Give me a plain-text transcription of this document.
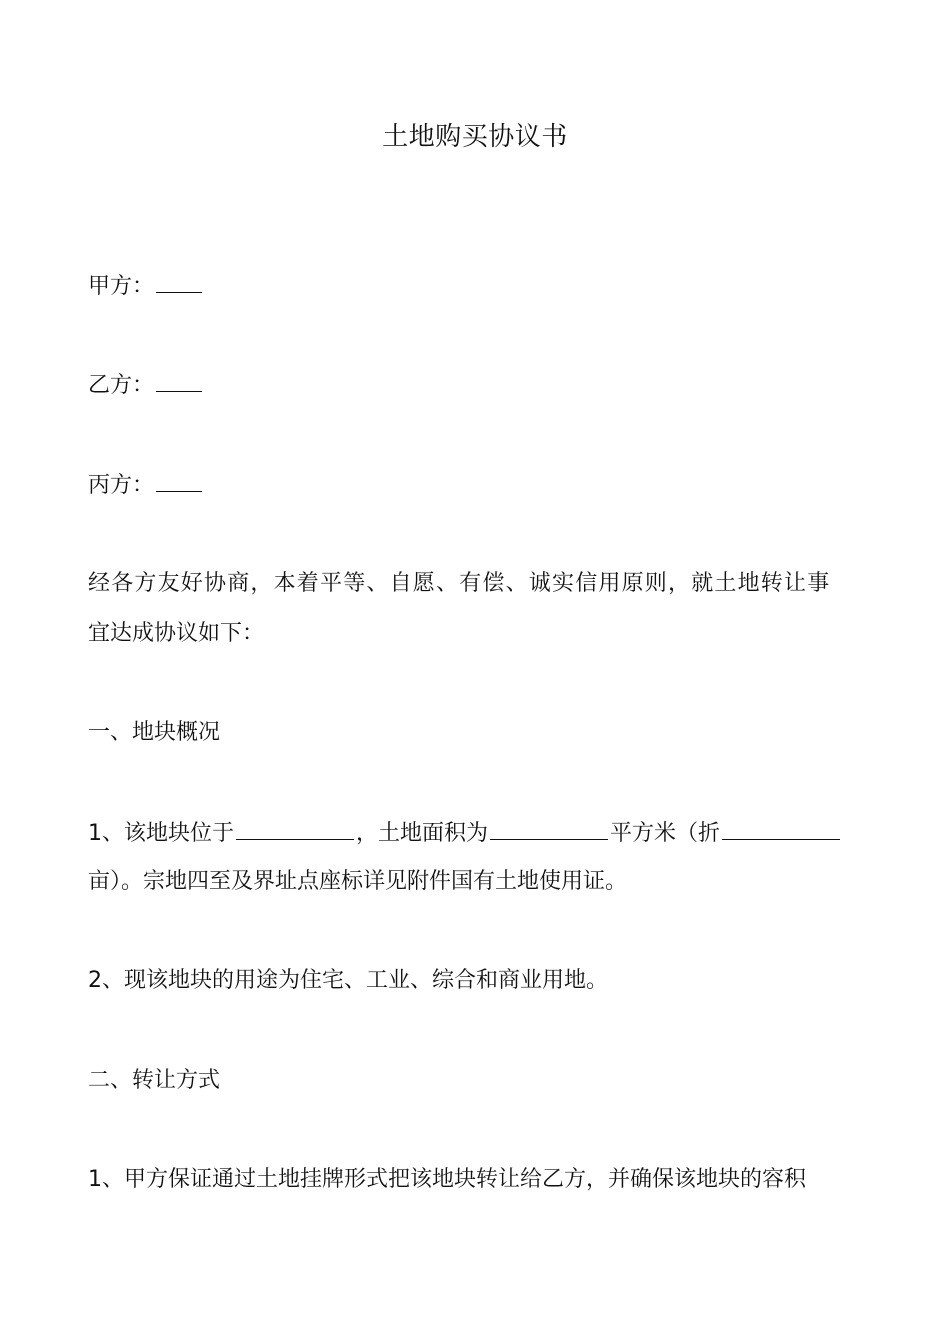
土地购买协议书
甲方：
乙方：
丙方：
经各方友好协商，本着平等、自愿、有偿、诚实信用原则，就土地转让事
宜达成协议如下：
一、地块概况
1、该地块位于	，土地面积为	平方米（折
亩）。宗地四至及界址点座标详见附件国有土地使用证。
2、现该地块的用途为住宅、工业、综合和商业用地。
二、转让方式
1、甲方保证通过土地挂牌形式把该地块转让给乙方，并确保该地块的容积
